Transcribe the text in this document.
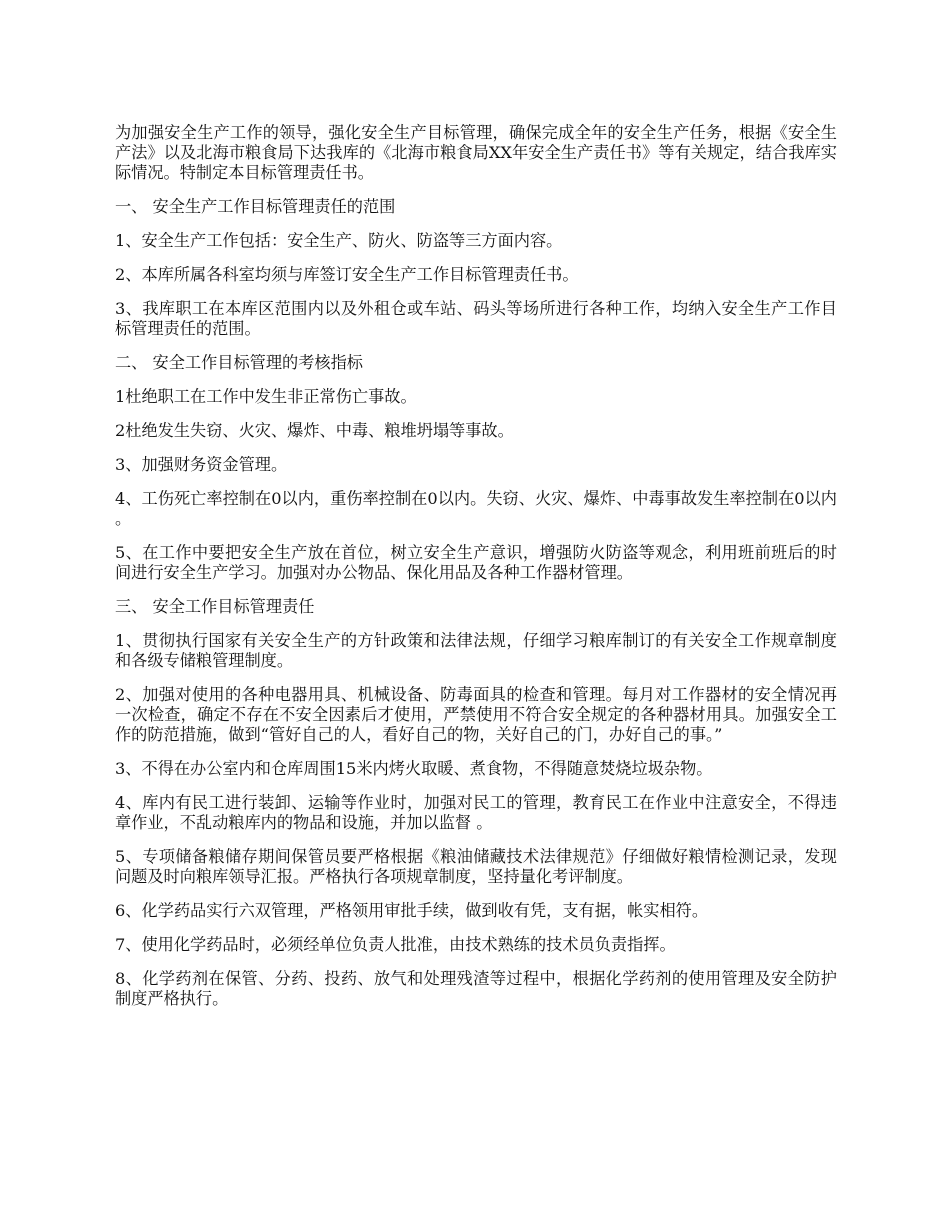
为加强安全生产工作的领导，强化安全生产目标管理，确保完成全年的安全生产任务，根据《安全生产法》以及北海市粮食局下达我库的《北海市粮食局XX年安全生产责任书》等有关规定，结合我库实际情况。特制定本目标管理责任书。

一、 安全生产工作目标管理责任的范围

1、安全生产工作包括：安全生产、防火、防盗等三方面内容。

2、本库所属各科室均须与库签订安全生产工作目标管理责任书。

3、我库职工在本库区范围内以及外租仓或车站、码头等场所进行各种工作，均纳入安全生产工作目标管理责任的范围。

二、 安全工作目标管理的考核指标

1杜绝职工在工作中发生非正常伤亡事故。

2杜绝发生失窃、火灾、爆炸、中毒、粮堆坍塌等事故。

3、加强财务资金管理。

4、工伤死亡率控制在0以内，重伤率控制在0以内。失窃、火灾、爆炸、中毒事故发生率控制在0以内。

5、在工作中要把安全生产放在首位，树立安全生产意识，增强防火防盗等观念，利用班前班后的时间进行安全生产学习。加强对办公物品、保化用品及各种工作器材管理。

三、 安全工作目标管理责任

1、贯彻执行国家有关安全生产的方针政策和法律法规，仔细学习粮库制订的有关安全工作规章制度和各级专储粮管理制度。

2、加强对使用的各种电器用具、机械设备、防毒面具的检查和管理。每月对工作器材的安全情况再一次检查，确定不存在不安全因素后才使用，严禁使用不符合安全规定的各种器材用具。加强安全工作的防范措施，做到“管好自己的人，看好自己的物，关好自己的门，办好自己的事。”

3、不得在办公室内和仓库周围15米内烤火取暖、煮食物，不得随意焚烧垃圾杂物。

4、库内有民工进行装卸、运输等作业时，加强对民工的管理，教育民工在作业中注意安全，不得违章作业，不乱动粮库内的物品和设施，并加以监督 。

5、专项储备粮储存期间保管员要严格根据《粮油储藏技术法律规范》仔细做好粮情检测记录，发现问题及时向粮库领导汇报。严格执行各项规章制度，坚持量化考评制度。

6、化学药品实行六双管理，严格领用审批手续，做到收有凭，支有据，帐实相符。

7、使用化学药品时，必须经单位负责人批准，由技术熟练的技术员负责指挥。

8、化学药剂在保管、分药、投药、放气和处理残渣等过程中，根据化学药剂的使用管理及安全防护制度严格执行。
